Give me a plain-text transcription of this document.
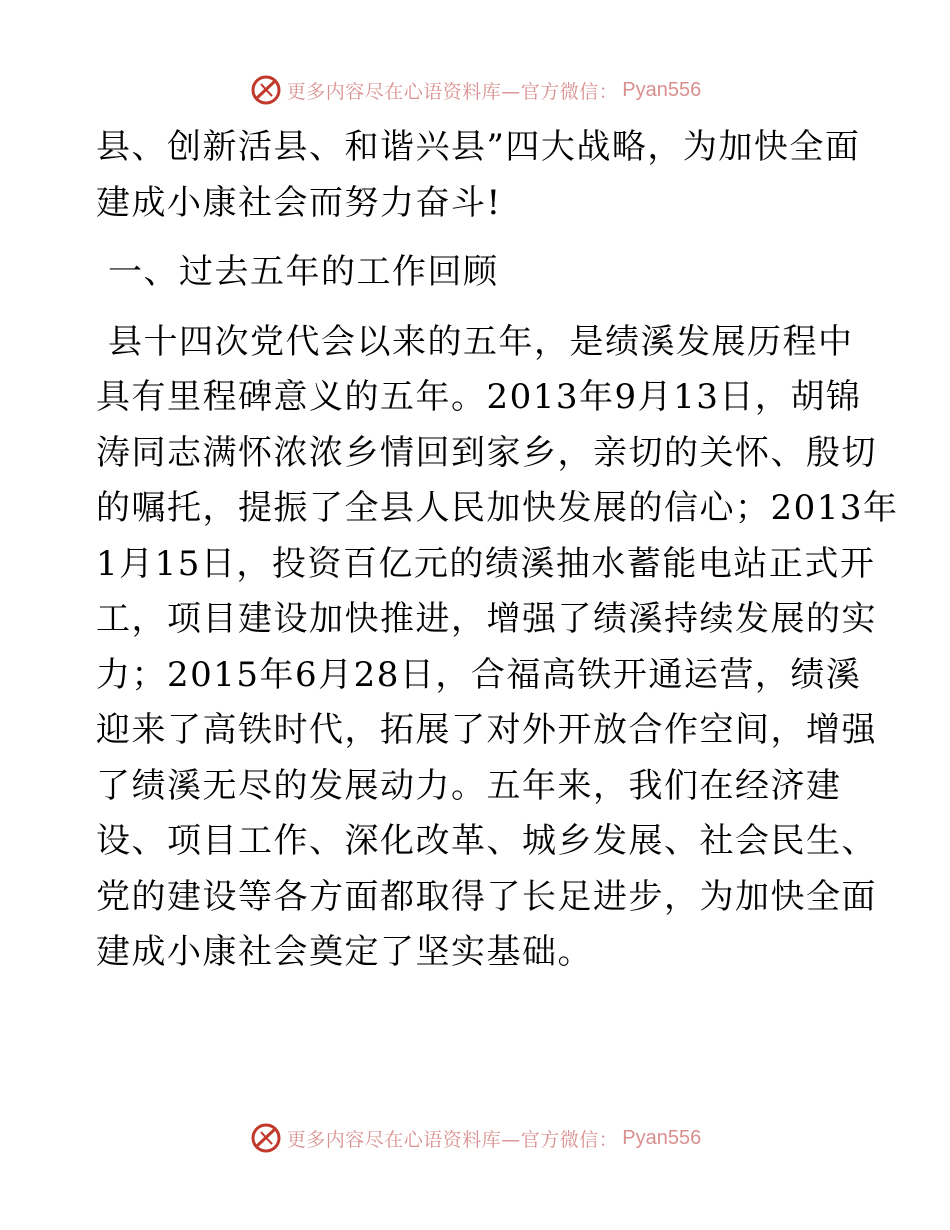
更多内容尽在心语资料库—官方微信： Pyan556
县、创新活县、和谐兴县”四大战略，为加快全面
建成小康社会而努力奋斗!
一、过去五年的工作回顾
县十四次党代会以来的五年，是绩溪发展历程中
具有里程碑意义的五年。2013年9月13日，胡锦
涛同志满怀浓浓乡情回到家乡，亲切的关怀、殷切
的嘱托，提振了全县人民加快发展的信心；2013年
1月15日，投资百亿元的绩溪抽水蓄能电站正式开
工，项目建设加快推进，增强了绩溪持续发展的实
力；2015年6月28日，合福高铁开通运营，绩溪
迎来了高铁时代，拓展了对外开放合作空间，增强
了绩溪无尽的发展动力。五年来，我们在经济建
设、项目工作、深化改革、城乡发展、社会民生、
党的建设等各方面都取得了长足进步，为加快全面
建成小康社会奠定了坚实基础。
更多内容尽在心语资料库—官方微信： Pyan556
